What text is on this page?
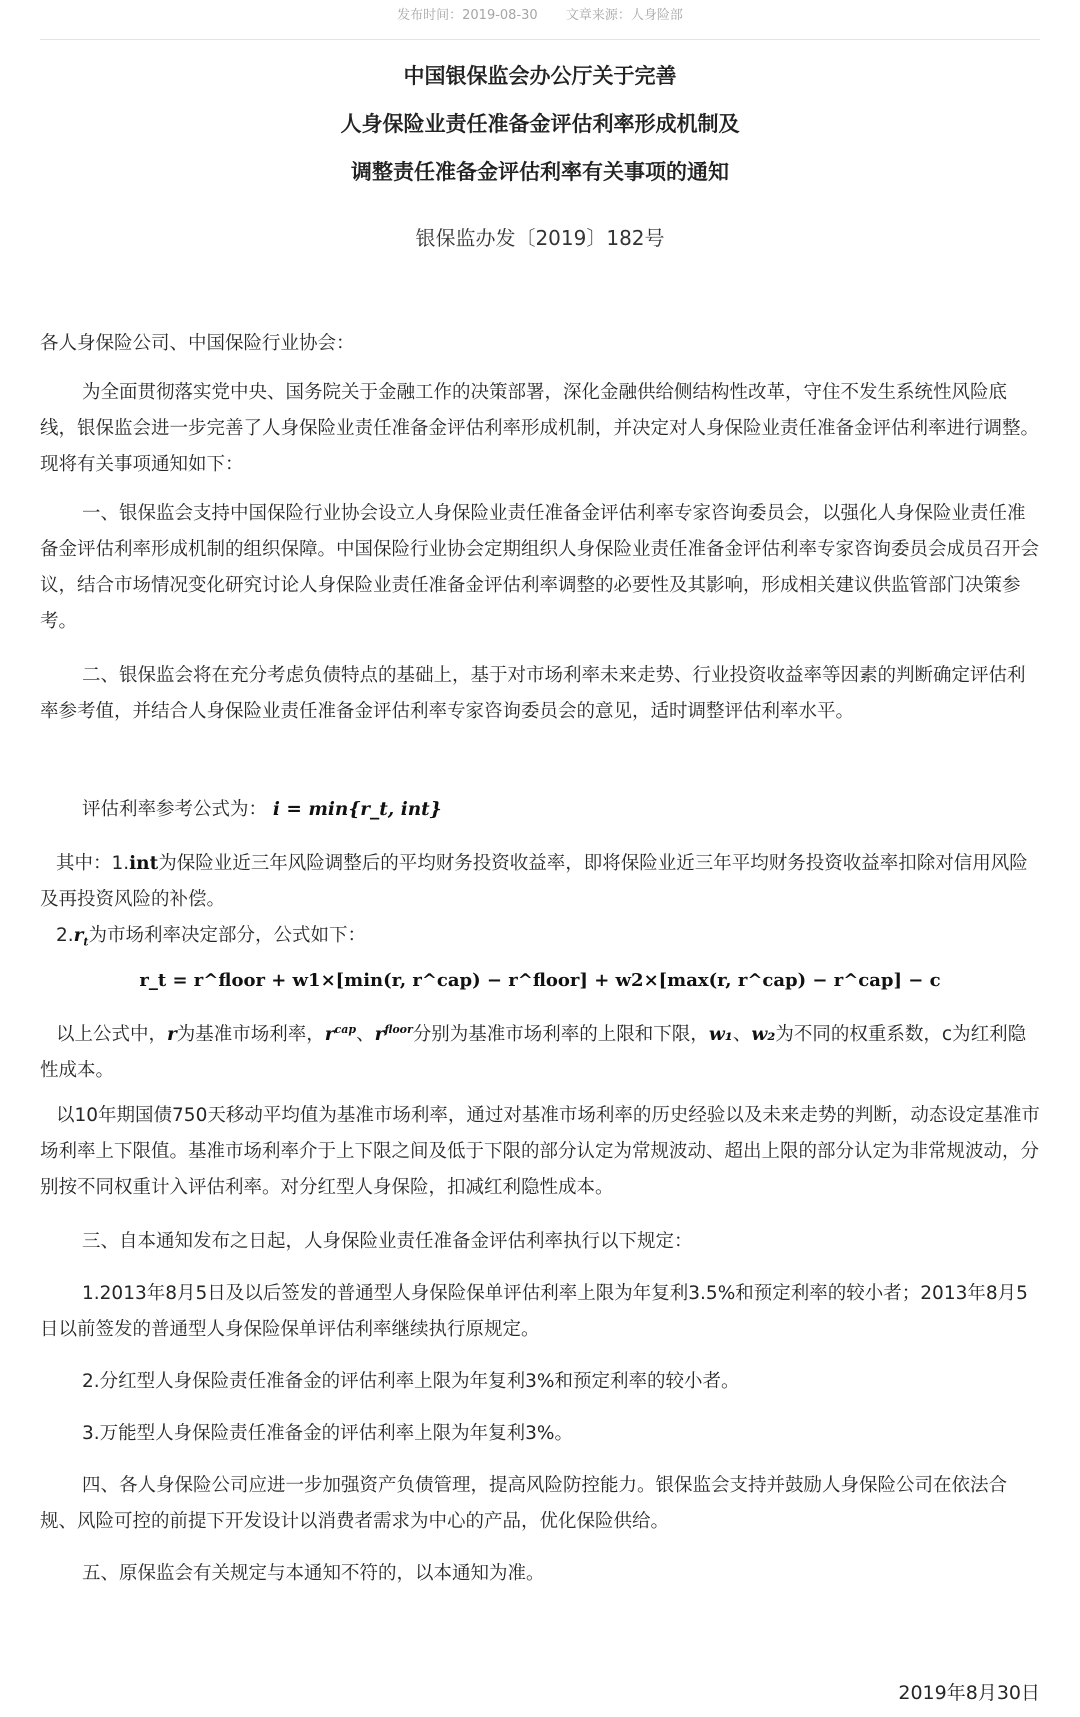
发布时间：2019-08-30 文章来源：人身险部
中国银保监会办公厅关于完善
人身保险业责任准备金评估利率形成机制及
调整责任准备金评估利率有关事项的通知
银保监办发〔2019〕182号

各人身保险公司、中国保险行业协会：

为全面贯彻落实党中央、国务院关于金融工作的决策部署，深化金融供给侧结构性改革，守住不发生系统性风险底线，银保监会进一步完善了人身保险业责任准备金评估利率形成机制，并决定对人身保险业责任准备金评估利率进行调整。现将有关事项通知如下：

一、银保监会支持中国保险行业协会设立人身保险业责任准备金评估利率专家咨询委员会，以强化人身保险业责任准备金评估利率形成机制的组织保障。中国保险行业协会定期组织人身保险业责任准备金评估利率专家咨询委员会成员召开会议，结合市场情况变化研究讨论人身保险业责任准备金评估利率调整的必要性及其影响，形成相关建议供监管部门决策参考。

二、银保监会将在充分考虑负债特点的基础上，基于对市场利率未来走势、行业投资收益率等因素的判断确定评估利率参考值，并结合人身保险业责任准备金评估利率专家咨询委员会的意见，适时调整评估利率水平。

评估利率参考公式为： i = min{r_t, int}

其中：1.int为保险业近三年风险调整后的平均财务投资收益率，即将保险业近三年平均财务投资收益率扣除对信用风险及再投资风险的补偿。

$2.r_t$为市场利率决定部分，公式如下：

r_t = r^floor + w1×[min(r, r^cap) − r^floor] + w2×[max(r, r^cap) − r^cap] − c

以上公式中，r为基准市场利率，$r^{cap}$、$r^{floor}$分别为基准市场利率的上限和下限，w₁、w₂为不同的权重系数，c为红利隐性成本。

以10年期国债750天移动平均值为基准市场利率，通过对基准市场利率的历史经验以及未来走势的判断，动态设定基准市场利率上下限值。基准市场利率介于上下限之间及低于下限的部分认定为常规波动、超出上限的部分认定为非常规波动，分别按不同权重计入评估利率。对分红型人身保险，扣减红利隐性成本。

三、自本通知发布之日起，人身保险业责任准备金评估利率执行以下规定：

1.2013年8月5日及以后签发的普通型人身保险保单评估利率上限为年复利3.5%和预定利率的较小者；2013年8月5日以前签发的普通型人身保险保单评估利率继续执行原规定。

2.分红型人身保险责任准备金的评估利率上限为年复利3%和预定利率的较小者。

3.万能型人身保险责任准备金的评估利率上限为年复利3%。

四、各人身保险公司应进一步加强资产负债管理，提高风险防控能力。银保监会支持并鼓励人身保险公司在依法合规、风险可控的前提下开发设计以消费者需求为中心的产品，优化保险供给。

五、原保监会有关规定与本通知不符的，以本通知为准。

2019年8月30日
